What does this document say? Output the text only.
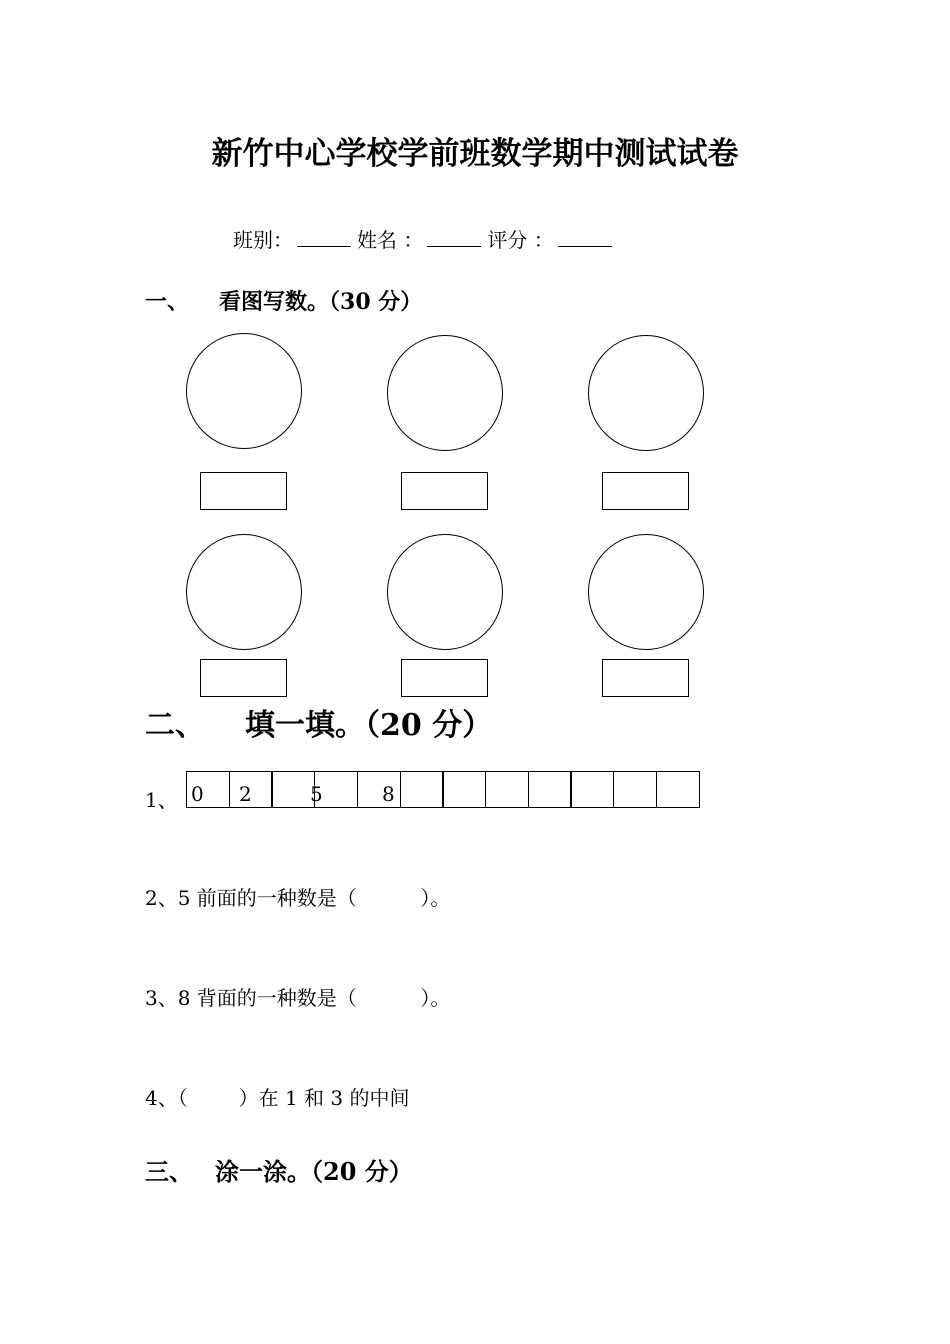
新竹中心学校学前班数学期中测试试卷
班别：	姓名 ：	评分 ：
一、 看图写数。（30 分）
二、 填一填。（20 分）
1、 0 2	5	8
2、5 前面的一种数是（          ）。
3、8 背面的一种数是（          ）。
4、（        ）在 1 和 3 的中间
三、 涂一涂。（20 分）
